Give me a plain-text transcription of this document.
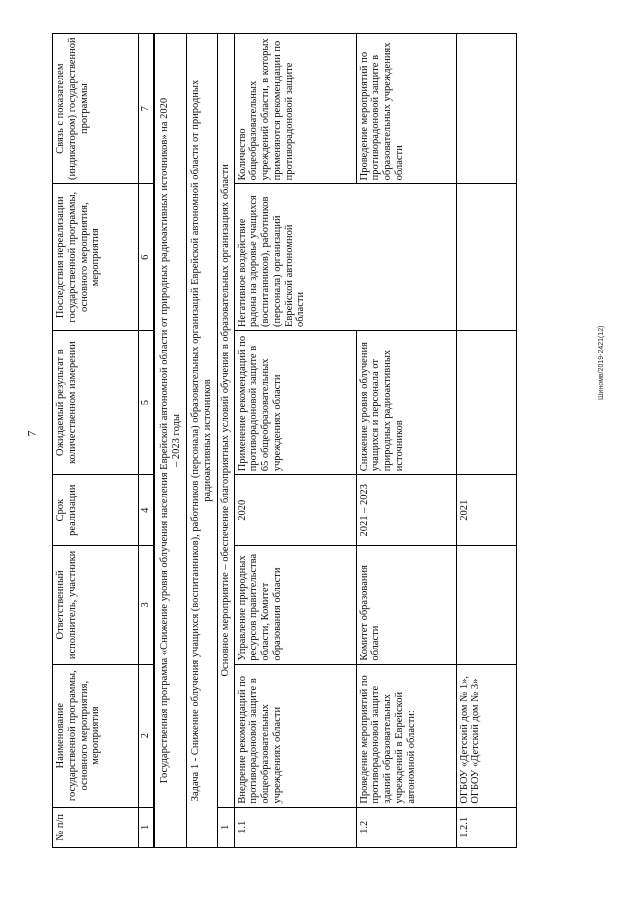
7
Шиномв/2019-2421(12)
№ п/п	Наименование государственной программы, основного мероприятия, мероприятия	Ответственный исполнитель, участники	Срок реализации	Ожидаемый результат в количественном измерении	Последствия нереализации государственной программы, основного мероприятия, мероприятия	Связь с показателем (индикатором) государственной программы
1	2	3	4	5	6	7
Государственная программа «Снижение уровня облучения населения Еврейской автономной области от природных радиоактивных источников» на 2020 – 2023 годы						
Задача 1 - Снижение облучения учащихся (воспитанников), работников (персонала) образовательных организаций Еврейской автономной области от природных радиоактивных источников						
1	Основное мероприятие – обеспечение благоприятных условий обучения в образовательных организациях области					
1.1	Внедрение рекомендаций по противорадоновой защите в общеобразовательных учреждениях области	Управление природных ресурсов правительства области, Комитет образования области	2020	Применение рекомендаций по противорадоновой защите в 65 общеобразовательных учреждениях области	Негативное воздействие радона на здоровье учащихся (воспитанников), работников (персонала) организаций Еврейской автономной области	Количество общеобразовательных учреждений области, в которых применяются рекомендации по противорадоновой защите
1.2	Проведение мероприятий по противорадоновой защите зданий образовательных учреждений в Еврейской автономной области:	Комитет образования области	2021 – 2023	Снижение уровня облучения учащихся и персонала от природных радиоактивных источников		Проведение мероприятий по противорадоновой защите в образовательных учреждениях области
1.2.1	ОГБОУ «Детский дом № 1», ОГБОУ «Детский дом № 3»		2021			
